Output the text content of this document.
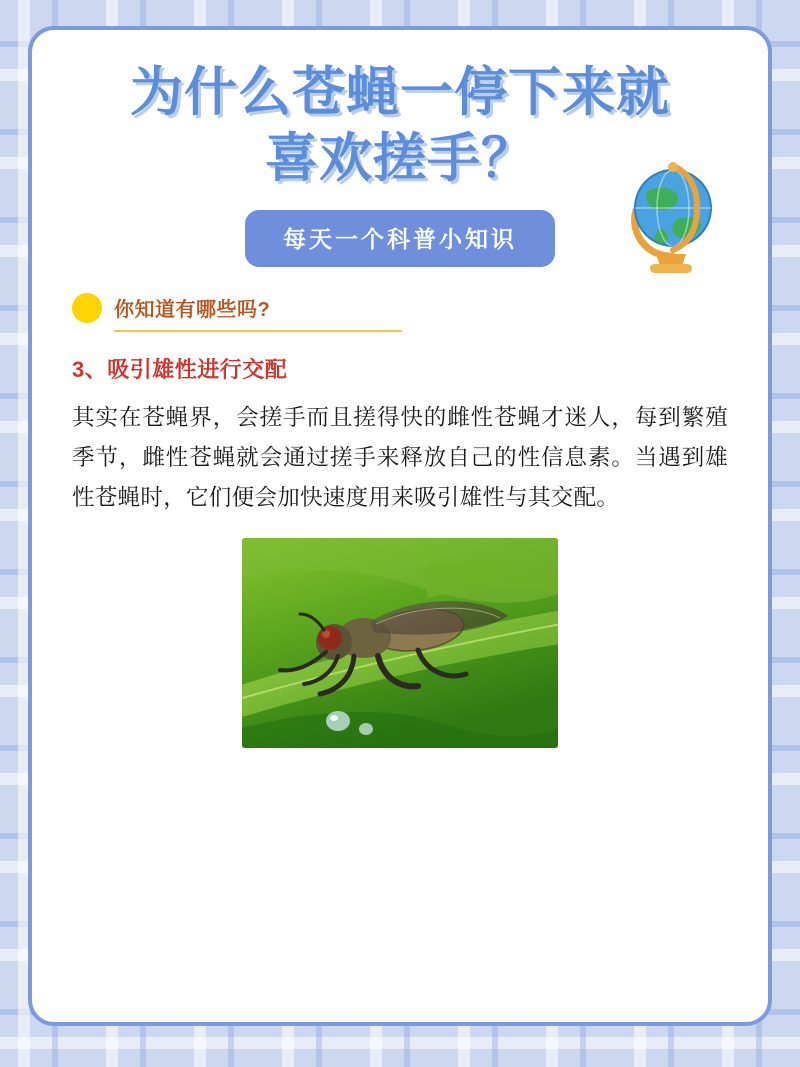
为什么苍蝇一停下来就
喜欢搓手？
每天一个科普小知识
你知道有哪些吗?
3、吸引雄性进行交配

其实在苍蝇界，会搓手而且搓得快的雌性苍蝇才迷人，每到繁殖季节，雌性苍蝇就会通过搓手来释放自己的性信息素。当遇到雄性苍蝇时，它们便会加快速度用来吸引雄性与其交配。
